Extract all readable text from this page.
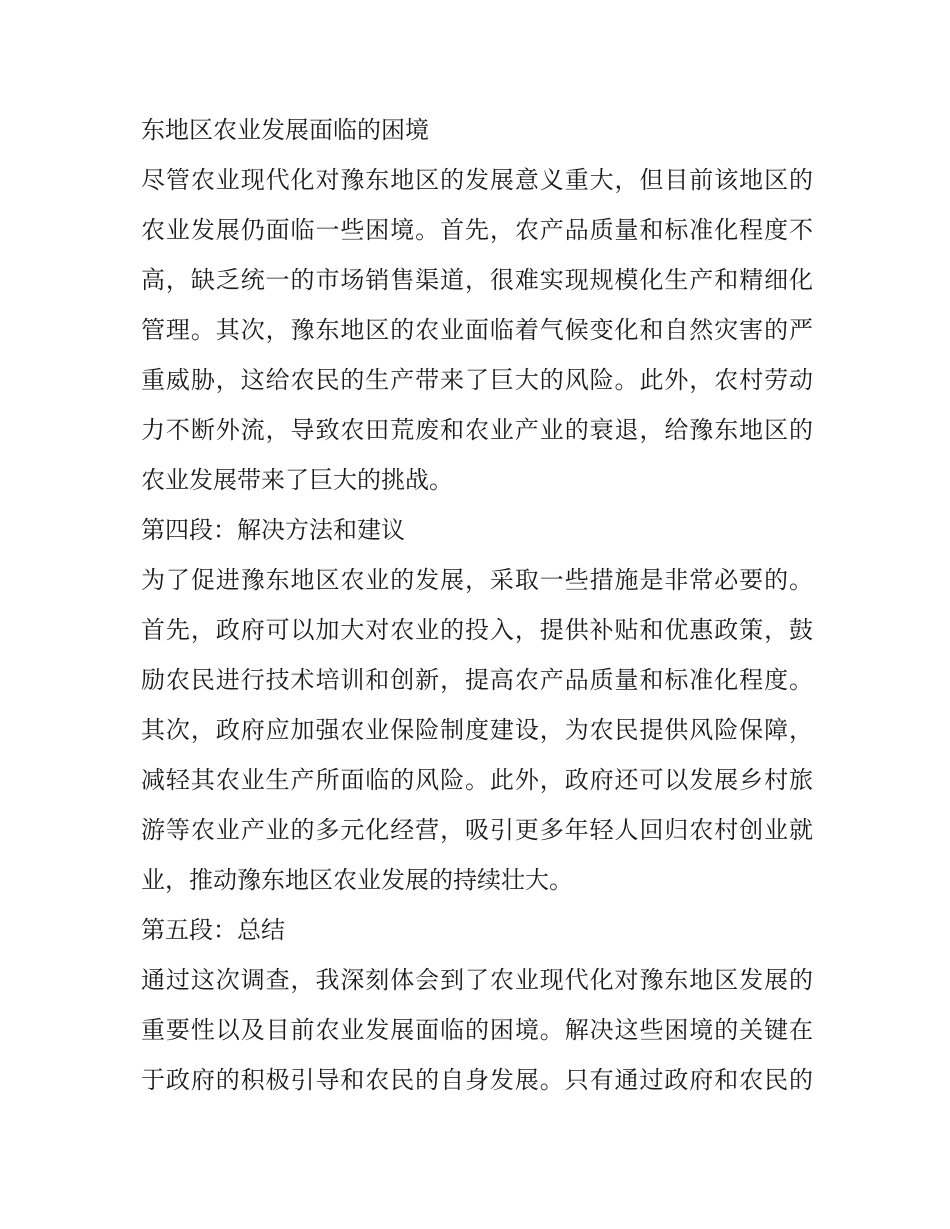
东地区农业发展面临的困境
尽管农业现代化对豫东地区的发展意义重大，但目前该地区的
农业发展仍面临一些困境。首先，农产品质量和标准化程度不
高，缺乏统一的市场销售渠道，很难实现规模化生产和精细化
管理。其次，豫东地区的农业面临着气候变化和自然灾害的严
重威胁，这给农民的生产带来了巨大的风险。此外，农村劳动
力不断外流，导致农田荒废和农业产业的衰退，给豫东地区的
农业发展带来了巨大的挑战。
第四段：解决方法和建议
为了促进豫东地区农业的发展，采取一些措施是非常必要的。
首先，政府可以加大对农业的投入，提供补贴和优惠政策，鼓
励农民进行技术培训和创新，提高农产品质量和标准化程度。
其次，政府应加强农业保险制度建设，为农民提供风险保障，
减轻其农业生产所面临的风险。此外，政府还可以发展乡村旅
游等农业产业的多元化经营，吸引更多年轻人回归农村创业就
业，推动豫东地区农业发展的持续壮大。
第五段：总结
通过这次调查，我深刻体会到了农业现代化对豫东地区发展的
重要性以及目前农业发展面临的困境。解决这些困境的关键在
于政府的积极引导和农民的自身发展。只有通过政府和农民的
